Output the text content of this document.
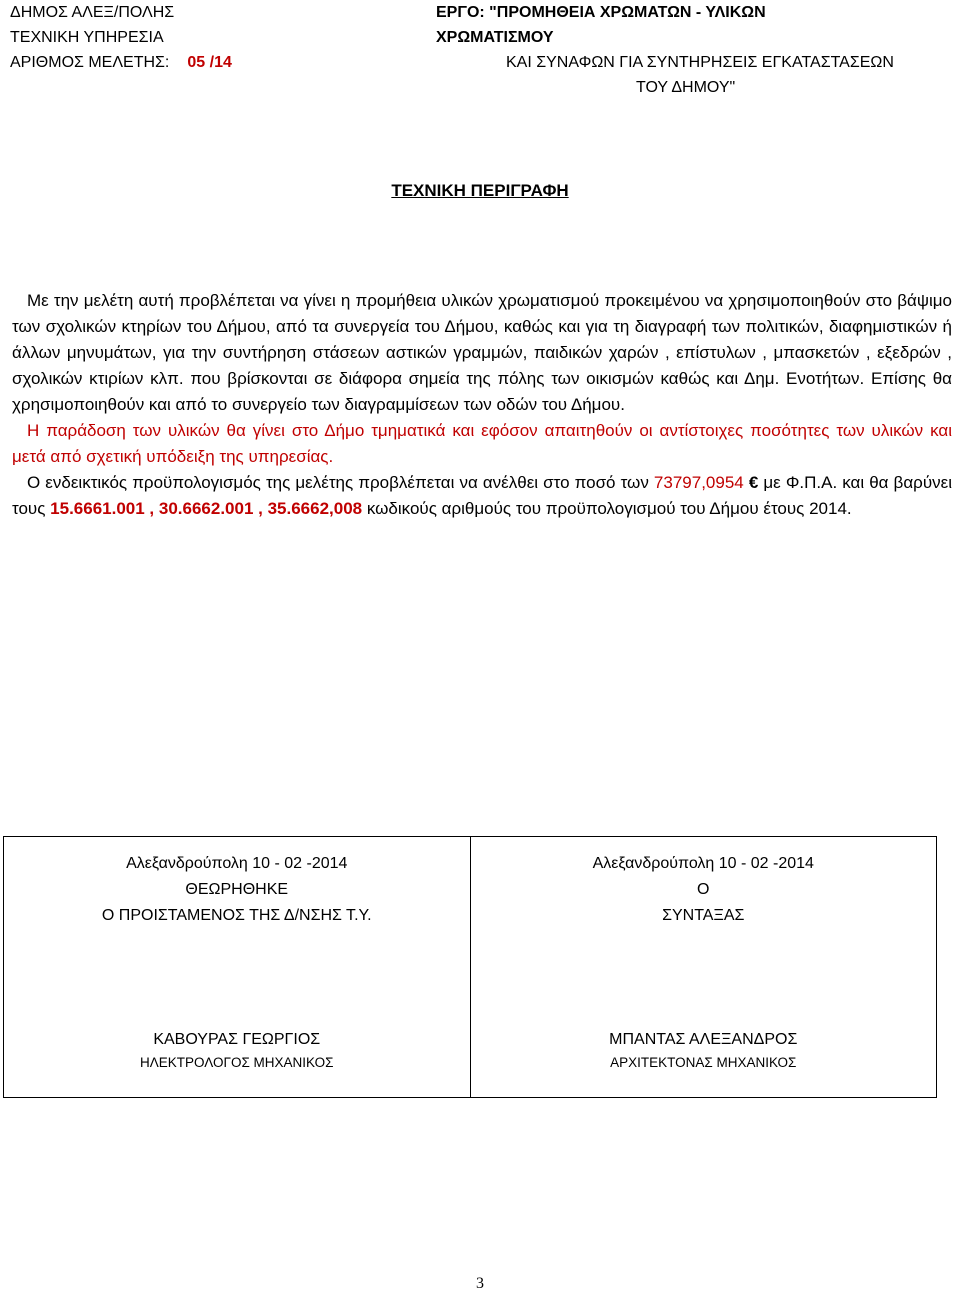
ΔΗΜΟΣ ΑΛΕΞ/ΠΟΛΗΣ
ΤΕΧΝΙΚΗ ΥΠΗΡΕΣΙΑ
ΑΡΙΘΜΟΣ ΜΕΛΕΤΗΣ: 05 /14
ΕΡΓΟ: "ΠΡΟΜΗΘΕΙΑ ΧΡΩΜΑΤΩΝ - ΥΛΙΚΩΝ
ΧΡΩΜΑΤΙΣΜΟΥ
ΚΑΙ ΣΥΝΑΦΩΝ ΓΙΑ ΣΥΝΤΗΡΗΣΕΙΣ ΕΓΚΑΤΑΣΤΑΣΕΩΝ
ΤΟΥ ΔΗΜΟΥ"
ΤΕΧΝΙΚΗ ΠΕΡΙΓΡΑΦΗ

Με την μελέτη αυτή προβλέπεται να γίνει η προμήθεια υλικών χρωματισμού προκειμένου να χρησιμοποιηθούν στο βάψιμο των σχολικών κτηρίων του Δήμου, από τα συνεργεία του Δήμου, καθώς και για τη διαγραφή των πολιτικών, διαφημιστικών ή άλλων μηνυμάτων, για την συντήρηση στάσεων αστικών γραμμών, παιδικών χαρών , επίστυλων , μπασκετών , εξεδρών , σχολικών κτιρίων κλπ. που βρίσκονται σε διάφορα σημεία της πόλης των οικισμών καθώς και Δημ. Ενοτήτων. Επίσης θα χρησιμοποιηθούν και από το συνεργείο των διαγραμμίσεων των οδών του Δήμου.

Η παράδοση των υλικών θα γίνει στο Δήμο τμηματικά και εφόσον απαιτηθούν οι αντίστοιχες ποσότητες των υλικών και μετά από σχετική υπόδειξη της υπηρεσίας.

Ο ενδεικτικός προϋπολογισμός της μελέτης προβλέπεται να ανέλθει στο ποσό των 73797,0954 € με Φ.Π.Α. και θα βαρύνει τους 15.6661.001 , 30.6662.001 , 35.6662,008 κωδικούς αριθμούς του προϋπολογισμού του Δήμου έτους 2014.

Αλεξανδρούπολη 10 - 02 -2014
ΘΕΩΡΗΘΗΚΕ
Ο ΠΡΟΙΣΤΑΜΕΝΟΣ ΤΗΣ Δ/ΝΣΗΣ Τ.Υ.
ΚΑΒΟΥΡΑΣ ΓΕΩΡΓΙΟΣ
ΗΛΕΚΤΡΟΛΟΓΟΣ ΜΗΧΑΝΙΚΟΣ

Αλεξανδρούπολη 10 - 02 -2014
Ο
ΣΥΝΤΑΞΑΣ
ΜΠΑΝΤΑΣ ΑΛΕΞΑΝΔΡΟΣ
ΑΡΧΙΤΕΚΤΟΝΑΣ ΜΗΧΑΝΙΚΟΣ
3
